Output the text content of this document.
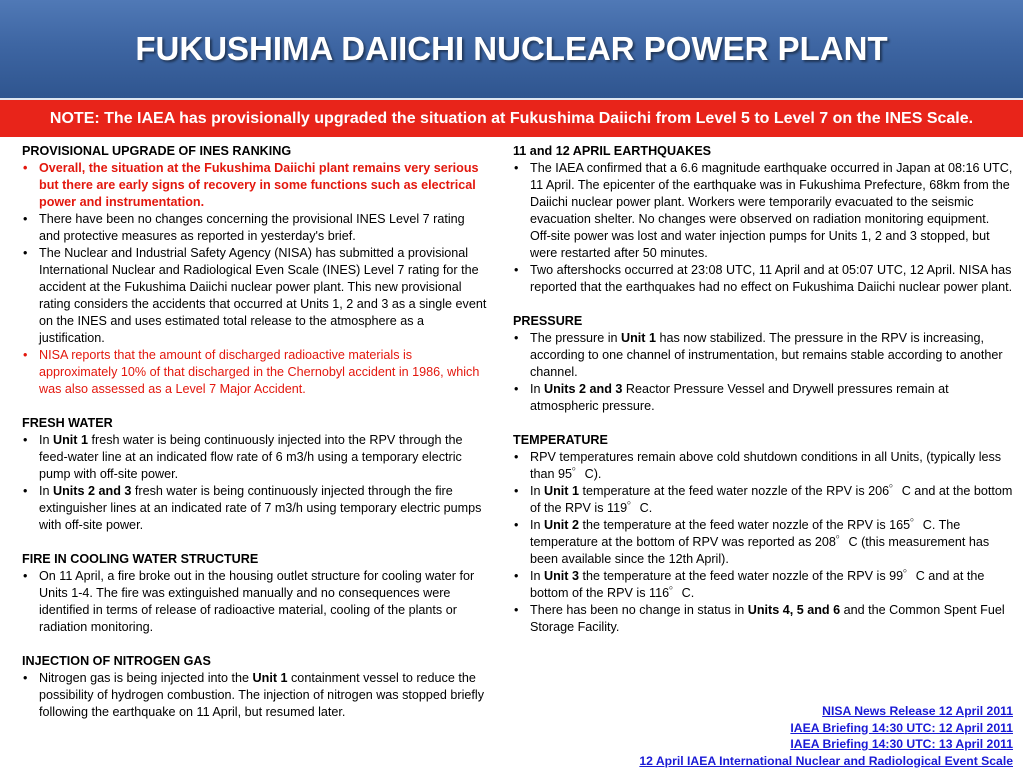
FUKUSHIMA DAIICHI NUCLEAR POWER PLANT
NOTE: The IAEA has provisionally upgraded the situation at Fukushima Daiichi from Level 5 to Level 7 on the INES Scale.
PROVISIONAL UPGRADE OF INES RANKING
• Overall, the situation at the Fukushima Daiichi plant remains very serious but there are early signs of recovery in some functions such as electrical power and instrumentation.
• There have been no changes concerning the provisional INES Level 7 rating and protective measures as reported in yesterday's brief.
• The Nuclear and Industrial Safety Agency (NISA) has submitted a provisional International Nuclear and Radiological Even Scale (INES) Level 7 rating for the accident at the Fukushima Daiichi nuclear power plant. This new provisional rating considers the accidents that occurred at Units 1, 2 and 3 as a single event on the INES and uses estimated total release to the atmosphere as a justification.
• NISA reports that the amount of discharged radioactive materials is approximately 10% of that discharged in the Chernobyl accident in 1986, which was also assessed as a Level 7 Major Accident.
FRESH WATER
• In Unit 1 fresh water is being continuously injected into the RPV through the feed-water line at an indicated flow rate of 6 m3/h using a temporary electric pump with off-site power.
• In Units 2 and 3 fresh water is being continuously injected through the fire extinguisher lines at an indicated rate of 7 m3/h using temporary electric pumps with off-site power.
FIRE IN COOLING WATER STRUCTURE
• On 11 April, a fire broke out in the housing outlet structure for cooling water for Units 1-4. The fire was extinguished manually and no consequences were identified in terms of release of radioactive material, cooling of the plants or radiation monitoring.
INJECTION OF NITROGEN GAS
• Nitrogen gas is being injected into the Unit 1 containment vessel to reduce the possibility of hydrogen combustion. The injection of nitrogen was stopped briefly following the earthquake on 11 April, but resumed later.
11 and 12 APRIL EARTHQUAKES
• The IAEA confirmed that a 6.6 magnitude earthquake occurred in Japan at 08:16 UTC, 11 April. The epicenter of the earthquake was in Fukushima Prefecture, 68km from the Daiichi nuclear power plant. Workers were temporarily evacuated to the seismic evacuation shelter. No changes were observed on radiation monitoring equipment. Off-site power was lost and water injection pumps for Units 1, 2 and 3 stopped, but were restarted after 50 minutes.
• Two aftershocks occurred at 23:08 UTC, 11 April and at 05:07 UTC, 12 April. NISA has reported that the earthquakes had no effect on Fukushima Daiichi nuclear power plant.
PRESSURE
• The pressure in Unit 1 has now stabilized. The pressure in the RPV is increasing, according to one channel of instrumentation, but remains stable according to another channel.
• In Units 2 and 3 Reactor Pressure Vessel and Drywell pressures remain at atmospheric pressure.
TEMPERATURE
• RPV temperatures remain above cold shutdown conditions in all Units, (typically less than 95゜C).
• In Unit 1 temperature at the feed water nozzle of the RPV is 206゜C and at the bottom of the RPV is 119゜C.
• In Unit 2 the temperature at the feed water nozzle of the RPV is 165゜C. The temperature at the bottom of RPV was reported as 208゜C (this measurement has been available since the 12th April).
• In Unit 3 the temperature at the feed water nozzle of the RPV is 99゜C and at the bottom of the RPV is 116゜C.
• There has been no change in status in Units 4, 5 and 6 and the Common Spent Fuel Storage Facility.
NISA News Release 12 April 2011
IAEA Briefing 14:30 UTC: 12 April 2011
IAEA Briefing 14:30 UTC: 13 April 2011
12 April IAEA International Nuclear and Radiological Event Scale
